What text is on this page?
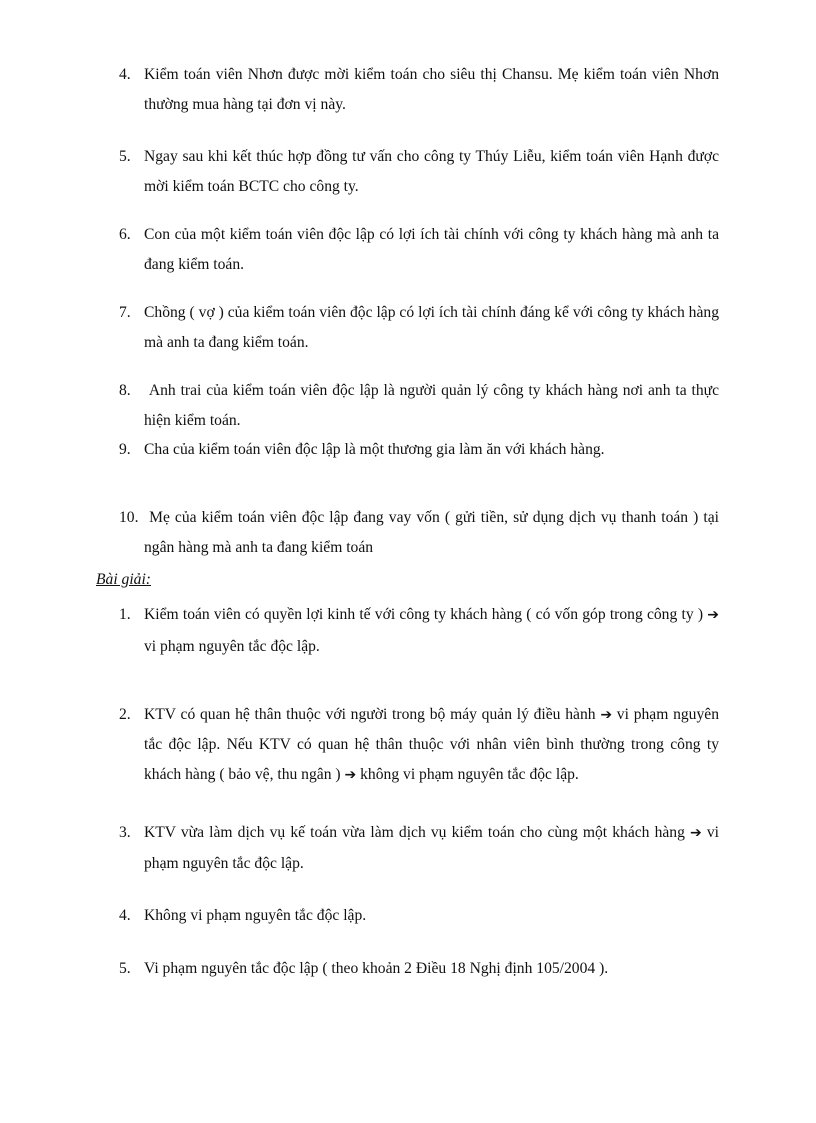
4. Kiểm toán viên Nhơn được mời kiểm toán cho siêu thị Chansu. Mẹ kiểm toán viên Nhơn thường mua hàng tại đơn vị này.
5. Ngay sau khi kết thúc hợp đồng tư vấn cho công ty Thúy Liễu, kiểm toán viên Hạnh được mời kiểm toán BCTC cho công ty.
6. Con của một kiểm toán viên độc lập có lợi ích tài chính với công ty khách hàng mà anh ta đang kiểm toán.
7. Chồng ( vợ ) của kiểm toán viên độc lập có lợi ích tài chính đáng kể với công ty khách hàng mà anh ta đang kiểm toán.
8. Anh trai của kiểm toán viên độc lập là người quản lý công ty khách hàng nơi anh ta thực hiện kiểm toán.
9. Cha của kiểm toán viên độc lập là một thương gia làm ăn với khách hàng.
10. Mẹ của kiểm toán viên độc lập đang vay vốn ( gửi tiền, sử dụng dịch vụ thanh toán ) tại ngân hàng mà anh ta đang kiểm toán
Bài giải:
1. Kiểm toán viên có quyền lợi kinh tế với công ty khách hàng ( có vốn góp trong công ty ) ➔ vi phạm nguyên tắc độc lập.
2. KTV có quan hệ thân thuộc với người trong bộ máy quản lý điều hành ➔ vi phạm nguyên tắc độc lập. Nếu KTV có quan hệ thân thuộc với nhân viên bình thường trong công ty khách hàng ( bảo vệ, thu ngân ) ➔ không vi phạm nguyên tắc độc lập.
3. KTV vừa làm dịch vụ kế toán vừa làm dịch vụ kiểm toán cho cùng một khách hàng ➔ vi phạm nguyên tắc độc lập.
4. Không vi phạm nguyên tắc độc lập.
5. Vi phạm nguyên tắc độc lập ( theo khoản 2 Điều 18 Nghị định 105/2004 ).
